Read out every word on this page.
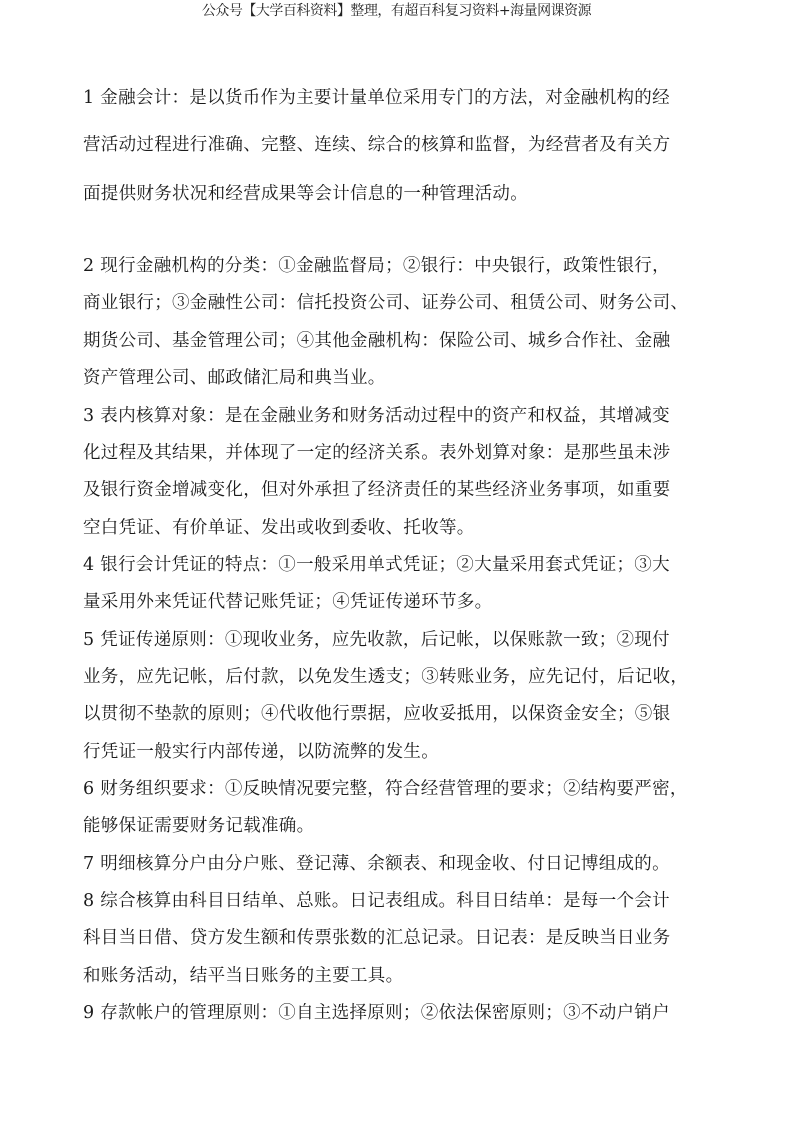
公众号【大学百科资料】整理，有超百科复习资料+海量网课资源
1 金融会计：是以货币作为主要计量单位采用专门的方法，对金融机构的经
营活动过程进行准确、完整、连续、综合的核算和监督，为经营者及有关方
面提供财务状况和经营成果等会计信息的一种管理活动。
2 现行金融机构的分类：①金融监督局；②银行：中央银行，政策性银行，
商业银行；③金融性公司：信托投资公司、证券公司、租赁公司、财务公司、
期货公司、基金管理公司；④其他金融机构：保险公司、城乡合作社、金融
资产管理公司、邮政储汇局和典当业。
3 表内核算对象：是在金融业务和财务活动过程中的资产和权益，其增减变
化过程及其结果，并体现了一定的经济关系。表外划算对象：是那些虽未涉
及银行资金增减变化，但对外承担了经济责任的某些经济业务事项，如重要
空白凭证、有价单证、发出或收到委收、托收等。
4 银行会计凭证的特点：①一般采用单式凭证；②大量采用套式凭证；③大
量采用外来凭证代替记账凭证；④凭证传递环节多。
5 凭证传递原则：①现收业务，应先收款，后记帐，以保账款一致；②现付
业务，应先记帐，后付款，以免发生透支；③转账业务，应先记付，后记收，
以贯彻不垫款的原则；④代收他行票据，应收妥抵用，以保资金安全；⑤银
行凭证一般实行内部传递，以防流弊的发生。
6 财务组织要求：①反映情况要完整，符合经营管理的要求；②结构要严密，
能够保证需要财务记载准确。
7 明细核算分户由分户账、登记薄、余额表、和现金收、付日记博组成的。
8 综合核算由科目日结单、总账。日记表组成。科目日结单：是每一个会计
科目当日借、贷方发生额和传票张数的汇总记录。日记表：是反映当日业务
和账务活动，结平当日账务的主要工具。
9 存款帐户的管理原则：①自主选择原则；②依法保密原则；③不动户销户
